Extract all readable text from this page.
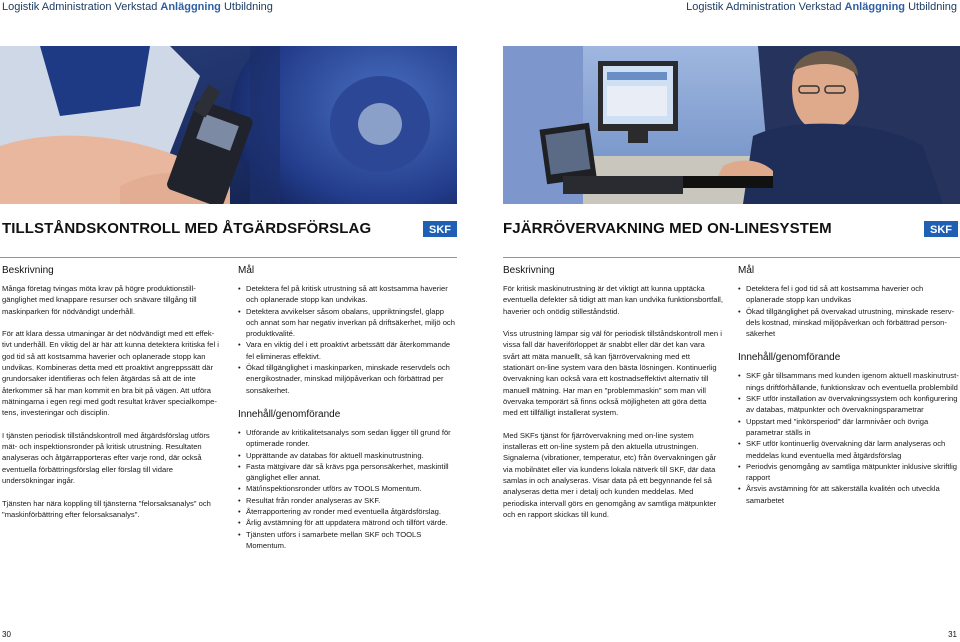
Logistik Administration Verkstad Anläggning Utbildning	Logistik Administration Verkstad Anläggning Utbildning
TILLSTÅNDSKONTROLL MED ÅTGÄRDSFÖRSLAG	FJÄRRÖVERVAKNING MED ON-LINESYSTEM
SKF	SKF
Beskrivning

Många företag tvingas möta krav på högre produktionstillgänglighet med knappare resurser och snävare tillgång till maskinparken för nödvändigt underhåll.

För att klara dessa utmaningar är det nödvändigt med ett effektivt underhåll. En viktig del är här att kunna detektera kritiska fel i god tid så att kostsamma haverier och oplanerade stopp kan undvikas. Kombineras detta med ett proaktivt angreppssätt där grundorsaker identifieras och felen åtgärdas så att de inte återkommer så har man kommit en bra bit på vägen. Att utföra mätningarna i egen regi med godt resultat kräver specialkompetens, investeringar och disciplin.

I tjänsten periodisk tillståndskontroll med åtgärdsförslag utförs mät- och inspektionsronder på kritisk utrustning. Resultaten analyseras och åtgärrapporteras efter varje rond, där också eventuella förbättringsförslag eller förslag till vidare undersökningar ingår.

Tjänsten har nära koppling till tjänsterna "felorsaksanalys" och "maskinförbättring efter felorsaksanalys".

Mål
• Detektera fel på kritisk utrustning så att kostsamma haverier och oplanerade stopp kan undvikas.
• Detektera avvikelser såsom obalans, uppriktningsfel, glapp och annat som har negativ inverkan på driftsäkerhet, miljö och produktkvalité.
• Vara en viktig del i ett proaktivt arbetssätt där återkommande fel elimineras effektivt.
• Ökad tillgänglighet i maskinparken, minskade reservdels och energikostnader, minskad miljöpåverkan och förbättrad per sonsäkerhet.
Innehåll/genomförande
• Utförande av kritikalitetsanalys som sedan ligger till grund för optimerade ronder.
• Upprättande av databas för aktuell maskinutrustning.
• Fasta mätgivare där så krävs pga personsäkerhet, maskintill gänglighet eller annat.
• Mät/inspektionsronder utförs av TOOLS Momentum.
• Resultat från ronder analyseras av SKF.
• Återrapportering av ronder med eventuella åtgärdsförslag.
• Årlig avstämning för att uppdatera mätrond och tillfört värde.
• Tjänsten utförs i samarbete mellan SKF och TOOLS Momentum.
Beskrivning

För kritisk maskinutrustning är det viktigt att kunna upptäcka eventuella defekter så tidigt att man kan undvika funktionsbortfall, haverier och onödig stilleståndstid.

Viss utrustning lämpar sig väl för periodisk tillståndskontroll men i vissa fall där haveriförloppet är snabbt eller där det kan vara svårt att mäta manuellt, så kan fjärrövervakning med ett stationärt on-line system vara den bästa lösningen. Kontinuerlig övervakning kan också vara ett kostnadseffektivt alternativ till manuell mätning. Har man en "problemmaskin" som man vill övervaka temporärt så finns också möjligheten att göra detta med ett tillfälligt installerat system.

Med SKFs tjänst för fjärrövervakning med on-line system installeras ett on-line system på den aktuella utrustningen. Signalerna (vibrationer, temperatur, etc) från övervakningen går via mobilnätet eller via kundens lokala nätverk till SKF, där data samlas in och analyseras. Visar data på ett begynnande fel så analyseras detta mer i detalj och kunden meddelas. Med periodiska intervall görs en genomgång av samtliga mätpunkter och en rapport skickas till kund.

Mål
• Detektera fel i god tid så att kostsamma haverier och oplanerade stopp kan undvikas
• Ökad tillgänglighet på övervakad utrustning, minskade reservdels kostnad, minskad miljöpåverkan och förbättrad personsäkerhet
Innehåll/genomförande
• SKF går tillsammans med kunden igenom aktuell maskinutrustnings driftförhållande, funktionskrav och eventuella problembild
• SKF utför installation av övervakningssystem och konfigurering av databas, mätpunkter och övervakningsparametrar
• Uppstart med "inkörsperiod" där larmnivåer och övriga parametrar ställs in
• SKF utför kontinuerlig övervakning där larm analyseras och meddelas kund eventuella med åtgärdsförslag
• Periodvis genomgång av samtliga mätpunkter inklusive skriftlig rapport
• Årsvis avstämning för att säkerställa kvalitén och utveckla samarbetet
30	31
